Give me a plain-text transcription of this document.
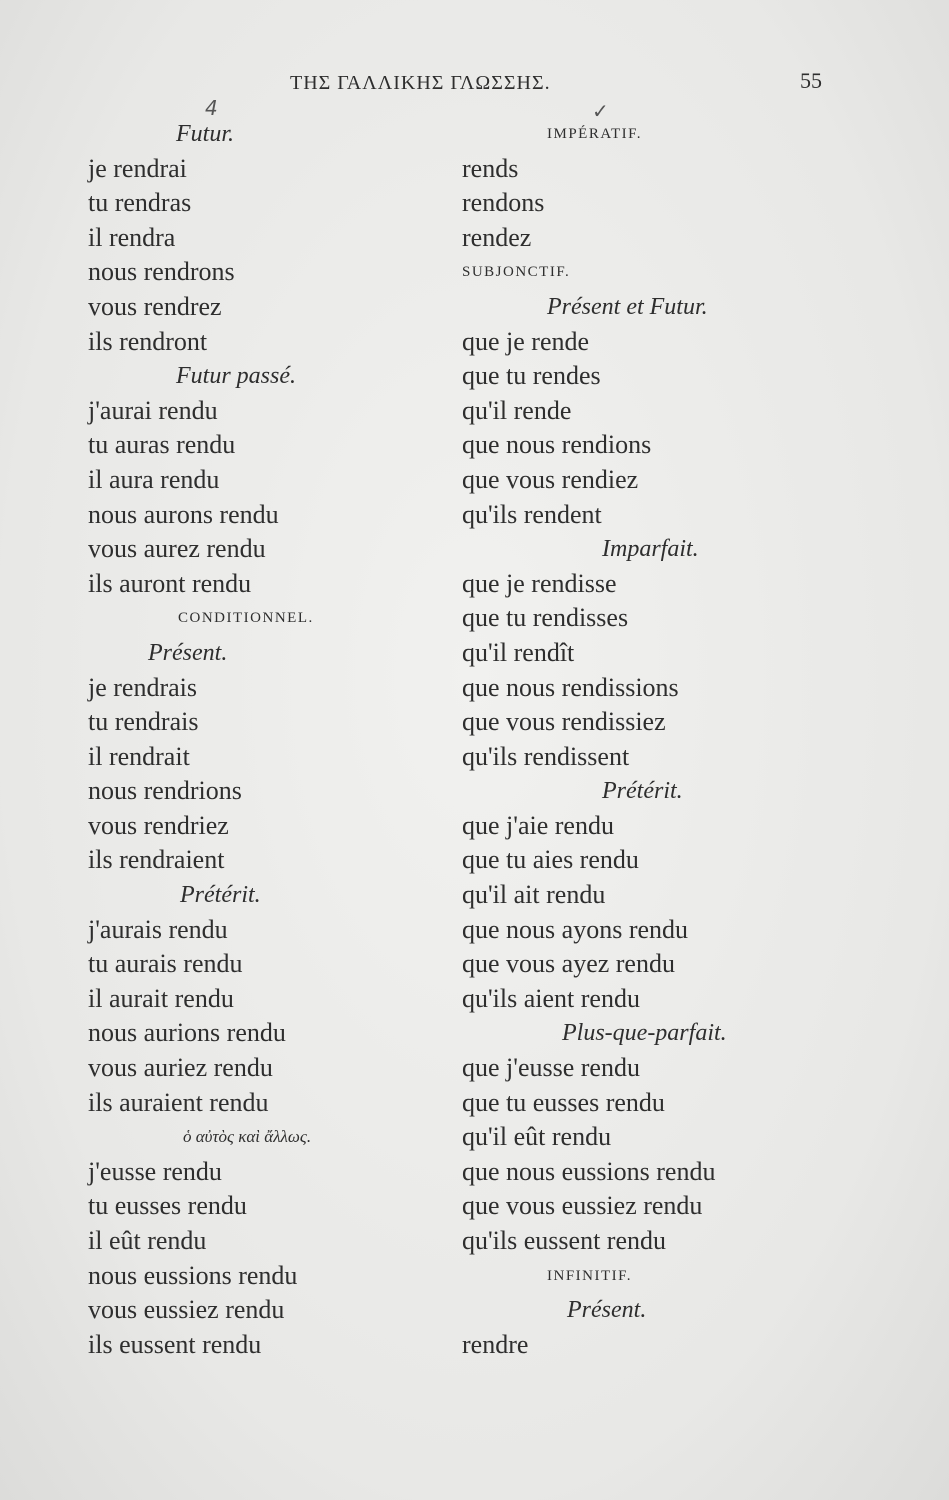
ΤΗΣ ΓΑΛΛΙΚΗΣ ΓΛΩΣΣΗΣ.	55
4	✓
Futur.
je rendrai
tu rendras
il rendra
nous rendrons
vous rendrez
ils rendront
Futur passé.
j'aurai rendu
tu auras rendu
il aura rendu
nous aurons rendu
vous aurez rendu
ils auront rendu
CONDITIONNEL.
Présent.
je rendrais
tu rendrais
il rendrait
nous rendrions
vous rendriez
ils rendraient
Prétérit.
j'aurais rendu
tu aurais rendu
il aurait rendu
nous aurions rendu
vous auriez rendu
ils auraient rendu
ὁ αὐτὸς καὶ ἄλλως.
j'eusse rendu
tu eusses rendu
il eût rendu
nous eussions rendu
vous eussiez rendu
ils eussent rendu
IMPÉRATIF.
rends
rendons
rendez
SUBJONCTIF.
Présent et Futur.
que je rende
que tu rendes
qu'il rende
que nous rendions
que vous rendiez
qu'ils rendent
Imparfait.
que je rendisse
que tu rendisses
qu'il rendît
que nous rendissions
que vous rendissiez
qu'ils rendissent
Prétérit.
que j'aie rendu
que tu aies rendu
qu'il ait rendu
que nous ayons rendu
que vous ayez rendu
qu'ils aient rendu
Plus-que-parfait.
que j'eusse rendu
que tu eusses rendu
qu'il eût rendu
que nous eussions rendu
que vous eussiez rendu
qu'ils eussent rendu
INFINITIF.
Présent.
rendre
